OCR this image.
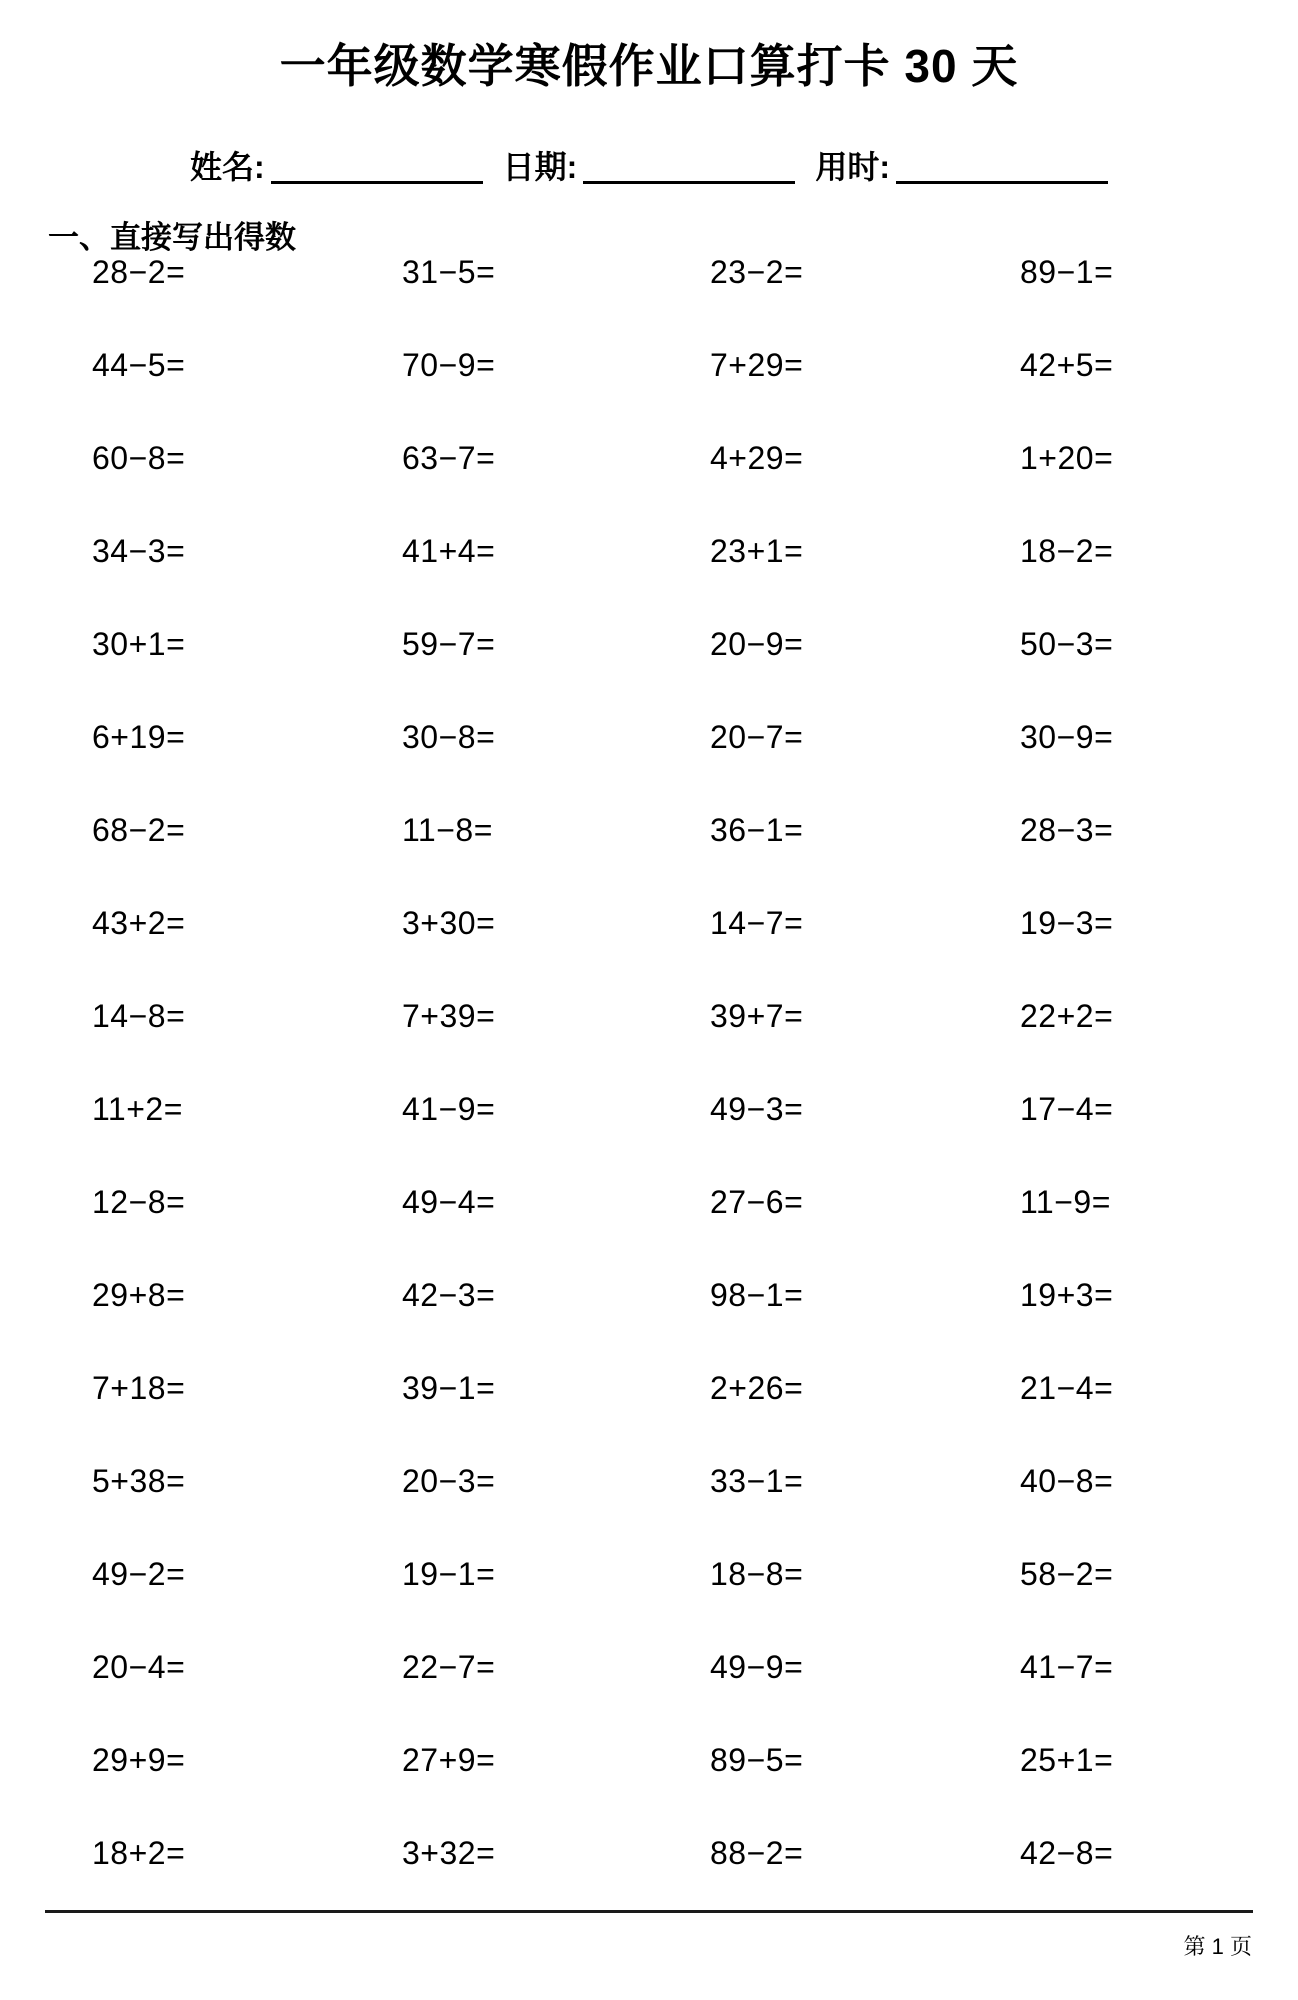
一年级数学寒假作业口算打卡 30 天
姓名:	日期:	用时:
一、直接写出得数
28−2=	31−5=	23−2=	89−1=
44−5=	70−9=	7+29=	42+5=
60−8=	63−7=	4+29=	1+20=
34−3=	41+4=	23+1=	18−2=
30+1=	59−7=	20−9=	50−3=
6+19=	30−8=	20−7=	30−9=
68−2=	11−8=	36−1=	28−3=
43+2=	3+30=	14−7=	19−3=
14−8=	7+39=	39+7=	22+2=
11+2=	41−9=	49−3=	17−4=
12−8=	49−4=	27−6=	11−9=
29+8=	42−3=	98−1=	19+3=
7+18=	39−1=	2+26=	21−4=
5+38=	20−3=	33−1=	40−8=
49−2=	19−1=	18−8=	58−2=
20−4=	22−7=	49−9=	41−7=
29+9=	27+9=	89−5=	25+1=
18+2=	3+32=	88−2=	42−8=
第 1 页
